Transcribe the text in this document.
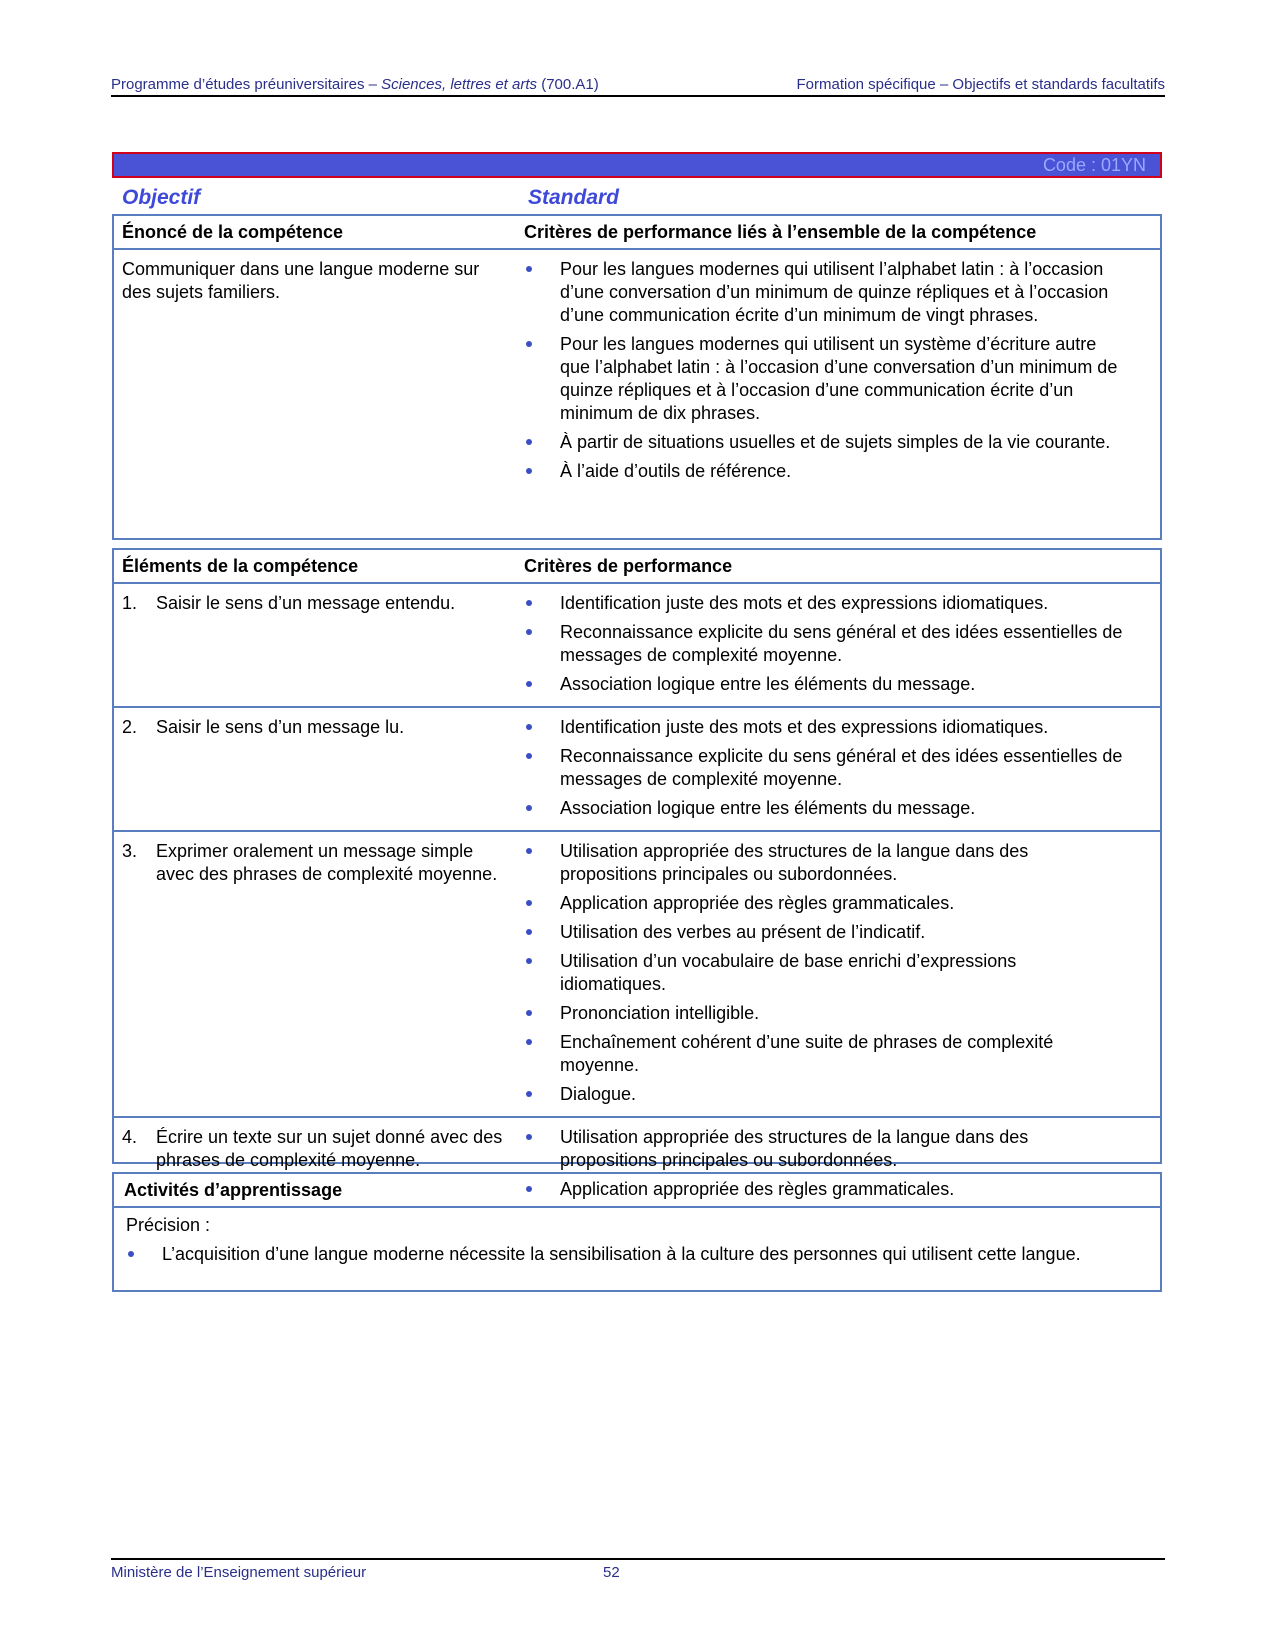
Programme d’études préuniversitaires – Sciences, lettres et arts (700.A1)	Formation spécifique – Objectifs et standards facultatifs
Code : 01YN
Objectif	Standard
Énoncé de la compétence	Critères de performance liés à l’ensemble de la compétence
Communiquer dans une langue moderne sur des sujets familiers.
Pour les langues modernes qui utilisent l’alphabet latin : à l’occasion d’une conversation d’un minimum de quinze répliques et à l’occasion d’une communication écrite d’un minimum de vingt phrases.
Pour les langues modernes qui utilisent un système d’écriture autre que l’alphabet latin : à l’occasion d’une conversation d’un minimum de quinze répliques et à l’occasion d’une communication écrite d’un minimum de dix phrases.
À partir de situations usuelles et de sujets simples de la vie courante.
À l’aide d’outils de référence.
Éléments de la compétence	Critères de performance
1.	Saisir le sens d’un message entendu.	Identification juste des mots et des expressions idiomatiques.
Reconnaissance explicite du sens général et des idées essentielles de messages de complexité moyenne.
Association logique entre les éléments du message.
2.	Saisir le sens d’un message lu.	Identification juste des mots et des expressions idiomatiques.
Reconnaissance explicite du sens général et des idées essentielles de messages de complexité moyenne.
Association logique entre les éléments du message.
3.	Exprimer oralement un message simple avec des phrases de complexité moyenne.
Utilisation appropriée des structures de la langue dans des propositions principales ou subordonnées.
Application appropriée des règles grammaticales.
Utilisation des verbes au présent de l’indicatif.
Utilisation d’un vocabulaire de base enrichi d’expressions idiomatiques.
Prononciation intelligible.
Enchaînement cohérent d’une suite de phrases de complexité moyenne.
Dialogue.
4.	Écrire un texte sur un sujet donné avec des phrases de complexité moyenne.
Utilisation appropriée des structures de la langue dans des propositions principales ou subordonnées.
Application appropriée des règles grammaticales.
Activités d’apprentissage
Précision :
L’acquisition d’une langue moderne nécessite la sensibilisation à la culture des personnes qui utilisent cette langue.
Ministère de l’Enseignement supérieur	52
